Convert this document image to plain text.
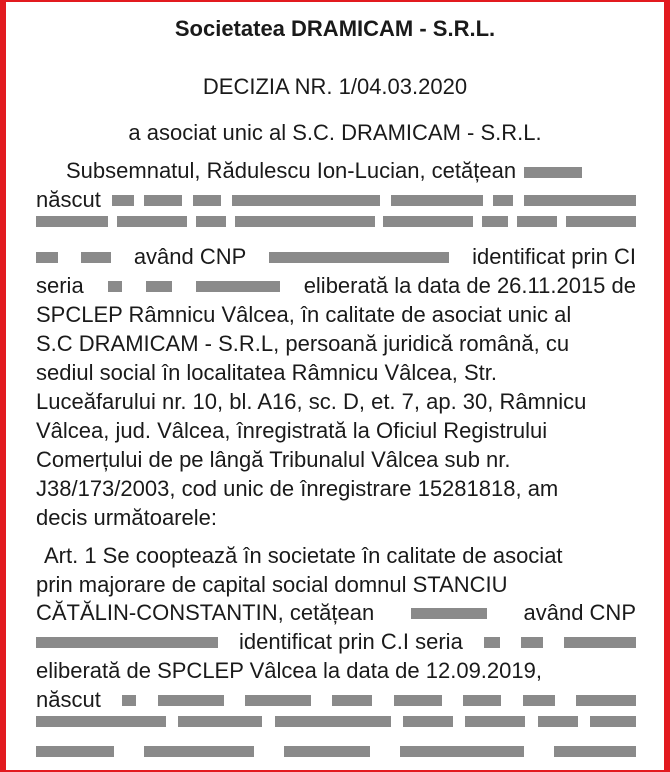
Societatea DRAMICAM - S.R.L.
DECIZIA NR. 1/04.03.2020
a asociat unic al S.C. DRAMICAM - S.R.L.
Subsemnatul, Rădulescu Ion-Lucian, cetățean
născut
având CNP	identificat prin CI
seria	eliberată la data de 26.11.2015 de
SPCLEP Râmnicu Vâlcea, în calitate de asociat unic al
S.C DRAMICAM - S.R.L, persoană juridică română, cu
sediul social în localitatea Râmnicu Vâlcea, Str.
Luceăfarului nr. 10, bl. A16, sc. D, et. 7, ap. 30, Râmnicu
Vâlcea, jud. Vâlcea, înregistrată la Oficiul Registrului
Comerțului de pe lângă Tribunalul Vâlcea sub nr.
J38/173/2003, cod unic de înregistrare 15281818, am
decis următoarele:
Art. 1 Se cooptează în societate în calitate de asociat
prin majorare de capital social domnul STANCIU
CĂTĂLIN-CONSTANTIN, cetățean	având CNP
identificat prin C.I seria
eliberată de SPCLEP Vâlcea la data de 12.09.2019,
născut
